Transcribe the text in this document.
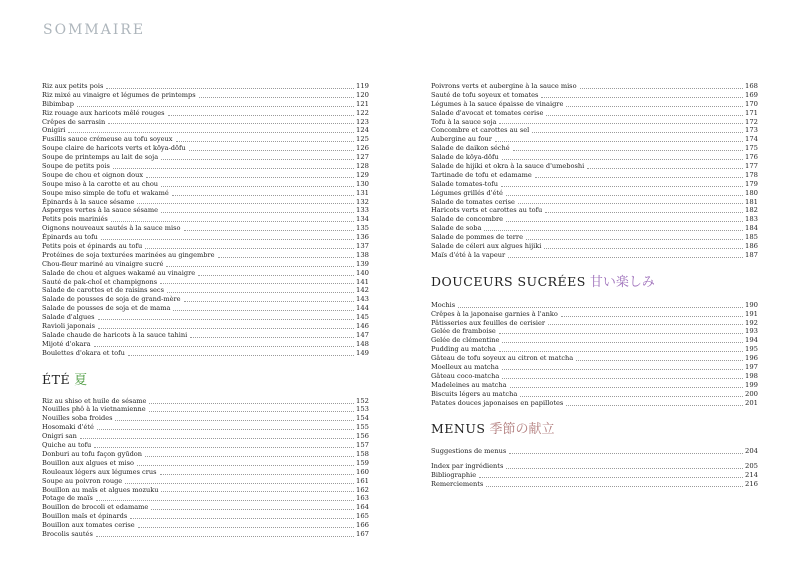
SOMMAIRE
Riz aux petits pois	119
Riz mixé au vinaigre et légumes de printemps	120
Bibimbap	121
Riz rouage aux haricots mêlé rouges	122
Crêpes de sarrasin	123
Onigiri	124
Fusillis sauce crémeuse au tofu soyeux	125
Soupe claire de haricots verts et kōya-dōfu	126
Soupe de printemps au lait de soja	127
Soupe de petits pois	128
Soupe de chou et oignon doux	129
Soupe miso à la carotte et au chou	130
Soupe miso simple de tofu et wakamé	131
Épinards à la sauce sésame	132
Asperges vertes à la sauce sésame	133
Petits pois mariniés	134
Oignons nouveaux sautés à la sauce miso	135
Épinards au tofu	136
Petits pois et épinards au tofu	137
Protéines de soja texturées marinées au gingembre	138
Chou-fleur mariné au vinaigre sucré	139
Salade de chou et algues wakamé au vinaigre	140
Sauté de pak-choï et champignons	141
Salade de carottes et de raisins secs	142
Salade de pousses de soja de grand-mère	143
Salade de pousses de soja et de mama	144
Salade d'algues	145
Ravioli japonais	146
Salade chaude de haricots à la sauce tahini	147
Mijoté d'okara	148
Boulettes d'okara et tofu	149
ÉTÉ 夏
Riz au shiso et huile de sésame	152
Nouilles phô à la vietnamienne	153
Nouilles soba froides	154
Hosomaki d'été	155
Onigri san	156
Quiche au tofu	157
Donburi au tofu façon gyūdon	158
Bouillon aux algues et miso	159
Rouleaux légers aux légumes crus	160
Soupe au poivron rouge	161
Bouillon au maïs et algues mozuku	162
Potage de maïs	163
Bouillon de brocoli et edamame	164
Bouillon maïs et épinards	165
Bouillon aux tomates cerise	166
Brocolis sautés	167
Poivrons verts et aubergine à la sauce miso	168
Sauté de tofu soyeux et tomates	169
Légumes à la sauce épaisse de vinaigre	170
Salade d'avocat et tomates cerise	171
Tofu à la sauce soja	172
Concombre et carottes au sel	173
Aubergine au four	174
Salade de daikon séché	175
Salade de kōya-dōfu	176
Salade de hijiki et okra à la sauce d'umeboshi	177
Tartinade de tofu et edamame	178
Salade tomates-tofu	179
Légumes grillés d'été	180
Salade de tomates cerise	181
Haricots verts et carottes au tofu	182
Salade de concombre	183
Salade de soba	184
Salade de pommes de terre	185
Salade de céleri aux algues hijiki	186
Maïs d'été à la vapeur	187
DOUCEURS SUCRÉES 甘い楽しみ
Mochis	190
Crêpes à la japonaise garnies à l'anko	191
Pâtisseries aux feuilles de cerisier	192
Gelée de framboise	193
Gelée de clémentine	194
Pudding au matcha	195
Gâteau de tofu soyeux au citron et matcha	196
Moelleux au matcha	197
Gâteau coco-matcha	198
Madeleines au matcha	199
Biscuits légers au matcha	200
Patates douces japonaises en papillotes	201
MENUS 季節の献立
Suggestions de menus	204
Index par ingrédients	205
Bibliographie	214
Remerciements	216
